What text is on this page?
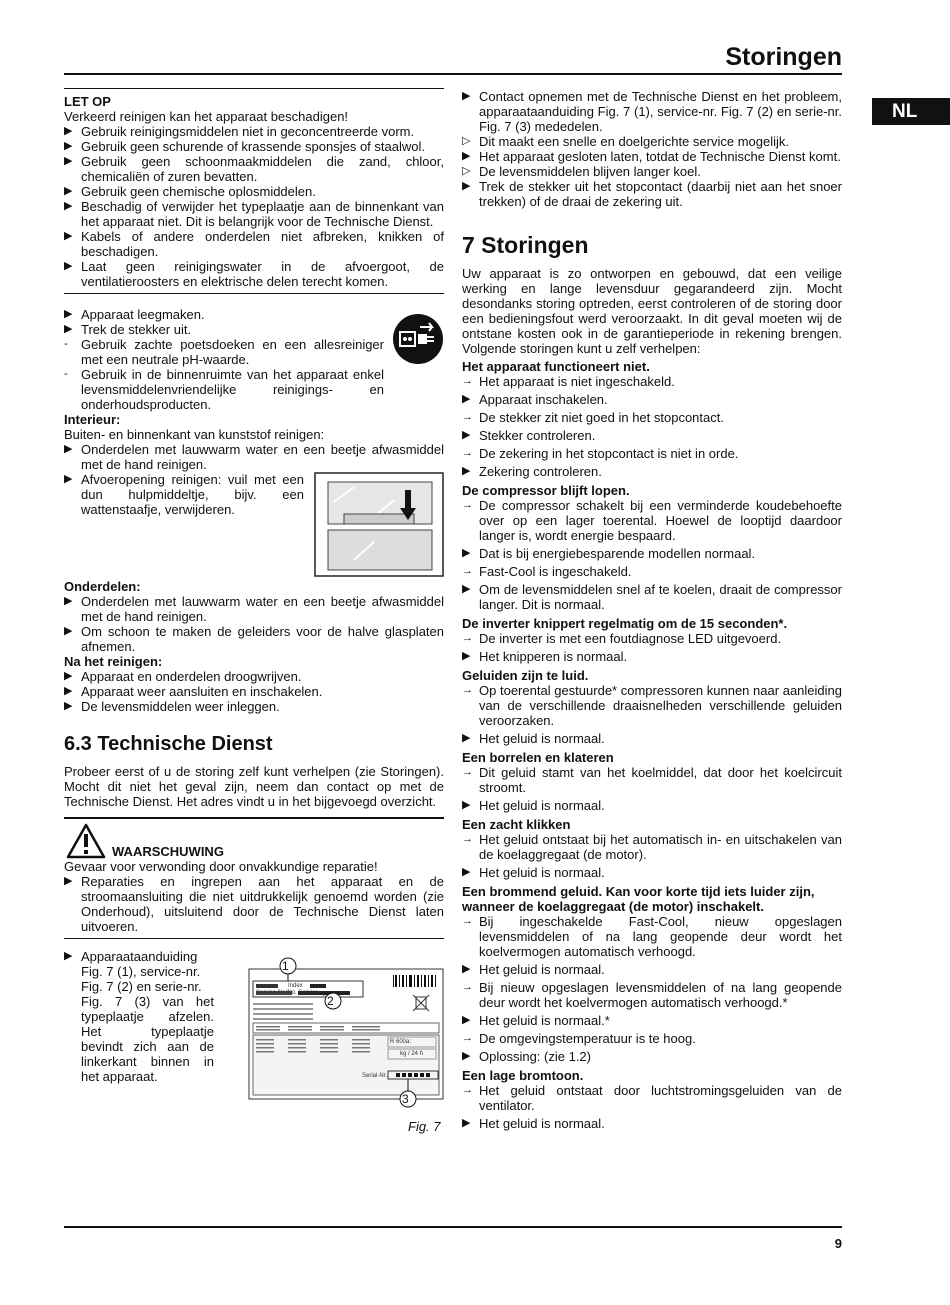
Storingen
NL
LET OP
Verkeerd reinigen kan het apparaat beschadigen!
▶ Gebruik reinigingsmiddelen niet in geconcentreerde vorm.
▶ Gebruik geen schurende of krassende sponsjes of staalwol.
▶ Gebruik geen schoonmaakmiddelen die zand, chloor, chemicaliën of zuren bevatten.
▶ Gebruik geen chemische oplosmiddelen.
▶ Beschadig of verwijder het typeplaatje aan de binnenkant van het apparaat niet. Dit is belangrijk voor de Technische Dienst.
▶ Kabels of andere onderdelen niet afbreken, knikken of beschadigen.
▶ Laat geen reinigingswater in de afvoergoot, de ventilatieroosters en elektrische delen terecht komen.
▶ Apparaat leegmaken.
▶ Trek de stekker uit.
-	Gebruik zachte poetsdoeken en een allesreiniger met een neutrale pH-waarde.
-	Gebruik in de binnenruimte van het apparaat enkel levensmiddelenvriendelijke reinigings- en onderhoudsproducten.
Interieur:
Buiten- en binnenkant van kunststof reinigen:
▶ Onderdelen met lauwwarm water en een beetje afwasmiddel met de hand reinigen.
▶ Afvoeropening reinigen: vuil met een dun hulpmiddeltje, bijv. een wattenstaafje, verwijderen.
Onderdelen:
▶ Onderdelen met lauwwarm water en een beetje afwasmiddel met de hand reinigen.
▶ Om schoon te maken de geleiders voor de halve glasplaten afnemen.
Na het reinigen:
▶ Apparaat en onderdelen droogwrijven.
▶ Apparaat weer aansluiten en inschakelen.
▶ De levensmiddelen weer inleggen.
6.3 Technische Dienst
Probeer eerst of u de storing zelf kunt verhelpen (zie Storingen). Mocht dit niet het geval zijn, neem dan contact op met de Technische Dienst. Het adres vindt u in het bijgevoegd overzicht.
WAARSCHUWING
Gevaar voor verwonding door onvakkundige reparatie!
▶ Reparaties en ingrepen aan het apparaat en de stroomaansluiting die niet uitdrukkelijk genoemd worden (zie Onderhoud), uitsluitend door de Technische Dienst laten uitvoeren.
▶ Apparaataanduiding
Fig. 7 (1), service-nr.
Fig. 7 (2) en serie-nr.
Fig. 7 (3) van het
typeplaatje afzelen.
Het typeplaatje
bevindt zich aan de
linkerkant binnen in
het apparaat.
1
2
3
Index
Service-Nr./No. Service
R 600a:
kg / 24 h
Serial-Nr.
Fig. 7
▶ Contact opnemen met de Technische Dienst en het probleem, apparaataanduiding Fig. 7 (1), service-nr. Fig. 7 (2) en serie-nr. Fig. 7 (3) mededelen.
▷ Dit maakt een snelle en doelgerichte service mogelijk.
▶ Het apparaat gesloten laten, totdat de Technische Dienst komt.
▷ De levensmiddelen blijven langer koel.
▶ Trek de stekker uit het stopcontact (daarbij niet aan het snoer trekken) of de draai de zekering uit.
7 Storingen
Uw apparaat is zo ontworpen en gebouwd, dat een veilige werking en lange levensduur gegarandeerd zijn. Mocht desondanks storing optreden, eerst controleren of de storing door een bedieningsfout werd veroorzaakt. In dit geval moeten wij de ontstane kosten ook in de garantieperiode in rekening brengen. Volgende storingen kunt u zelf verhelpen:
Het apparaat functioneert niet.
→ Het apparaat is niet ingeschakeld.
▶ Apparaat inschakelen.
→ De stekker zit niet goed in het stopcontact.
▶ Stekker controleren.
→ De zekering in het stopcontact is niet in orde.
▶ Zekering controleren.
De compressor blijft lopen.
→ De compressor schakelt bij een verminderde koudebehoefte over op een lager toerental. Hoewel de looptijd daardoor langer is, wordt energie bespaard.
▶ Dat is bij energiebesparende modellen normaal.
→ Fast-Cool is ingeschakeld.
▶ Om de levensmiddelen snel af te koelen, draait de compressor langer. Dit is normaal.
De inverter knippert regelmatig om de 15 seconden*.
→ De inverter is met een foutdiagnose LED uitgevoerd.
▶ Het knipperen is normaal.
Geluiden zijn te luid.
→ Op toerental gestuurde* compressoren kunnen naar aanleiding van de verschillende draaisnelheden verschillende geluiden veroorzaken.
▶ Het geluid is normaal.
Een borrelen en klateren
→ Dit geluid stamt van het koelmiddel, dat door het koelcircuit stroomt.
▶ Het geluid is normaal.
Een zacht klikken
→ Het geluid ontstaat bij het automatisch in- en uitschakelen van de koelaggregaat (de motor).
▶ Het geluid is normaal.
Een brommend geluid. Kan voor korte tijd iets luider zijn, wanneer de koelaggregaat (de motor) inschakelt.
→ Bij ingeschakelde Fast-Cool, nieuw opgeslagen levensmiddelen of na lang geopende deur wordt het koelvermogen automatisch verhoogd.
▶ Het geluid is normaal.
→ Bij nieuw opgeslagen levensmiddelen of na lang geopende deur wordt het koelvermogen automatisch verhoogd.*
▶ Het geluid is normaal.*
→ De omgevingstemperatuur is te hoog.
▶ Oplossing: (zie 1.2)
Een lage bromtoon.
→ Het geluid ontstaat door luchtstromingsgeluiden van de ventilator.
▶ Het geluid is normaal.
9
